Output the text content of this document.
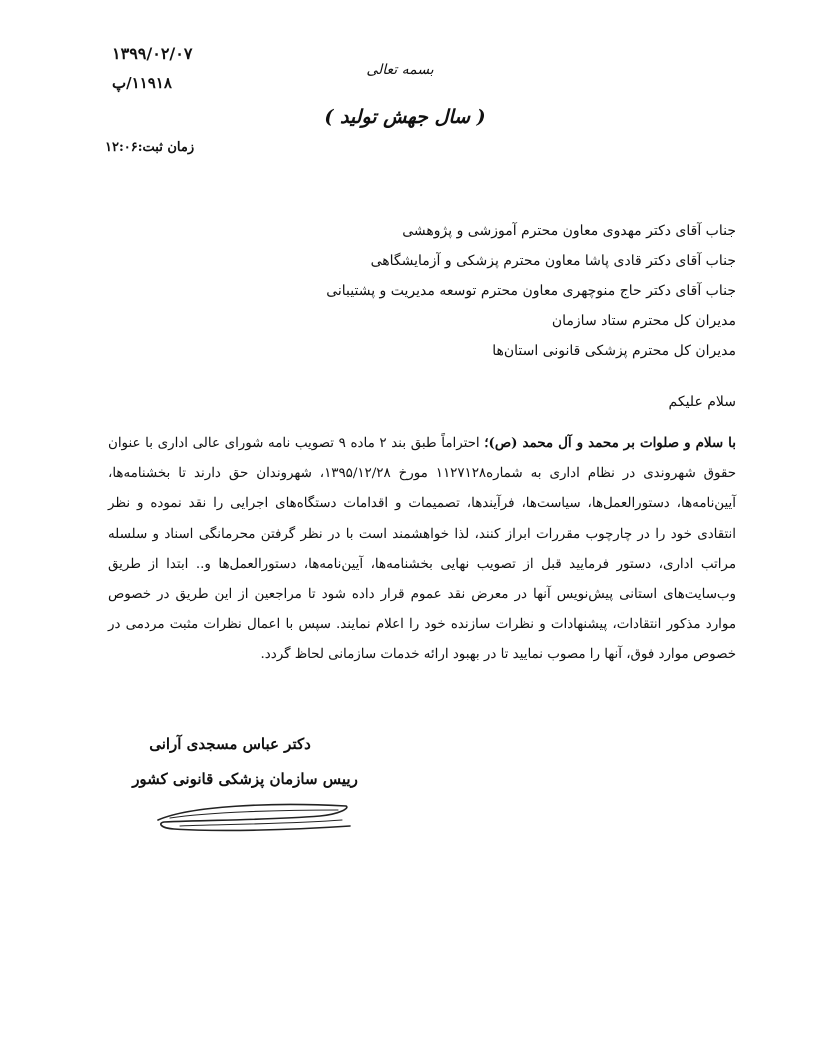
۱۳۹۹/۰۲/۰۷
۱۱۹۱۸/پ
زمان ثبت:۱۲:۰۶
بسمه تعالی
( سال جهش تولید )
جناب آقای دکتر مهدوی معاون محترم آموزشی و پژوهشی
جناب آقای دکتر قادی پاشا معاون محترم پزشکی و آزمایشگاهی
جناب آقای دکتر حاج منوچهری معاون محترم توسعه مدیریت و پشتیبانی
مدیران کل محترم ستاد سازمان
مدیران کل محترم پزشکی قانونی استان‌ها
سلام علیکم
با سلام و صلوات بر محمد و آل محمد (ص)؛ احتراماً طبق بند ۲ ماده ۹ تصویب نامه شورای عالی اداری با عنوان حقوق شهروندی در نظام اداری به شماره۱۱۲۷۱۲۸ مورخ ۱۳۹۵/۱۲/۲۸، شهروندان حق دارند تا بخشنامه‌ها، آیین‌نامه‌ها، دستورالعمل‌ها، سیاست‌ها، فرآیندها، تصمیمات و اقدامات دستگاه‌های اجرایی را نقد نموده و نظر انتقادی خود را در چارچوب مقررات ابراز کنند، لذا خواهشمند است با در نظر گرفتن محرمانگی اسناد و سلسله مراتب اداری، دستور فرمایید قبل از تصویب نهایی بخشنامه‌ها، آیین‌نامه‌ها، دستورالعمل‌ها و.. ابتدا از طریق وب‌سایت‌های استانی پیش‌نویس آنها در معرض نقد عموم قرار داده شود تا مراجعین از این طریق در خصوص موارد مذکور انتقادات، پیشنهادات و نظرات سازنده خود را اعلام نمایند. سپس با اعمال نظرات مثبت مردمی در خصوص موارد فوق، آنها را مصوب نمایید تا در بهبود ارائه خدمات سازمانی لحاظ گردد.
دکتر عباس مسجدی آرانی
رییس سازمان پزشکی قانونی کشور
